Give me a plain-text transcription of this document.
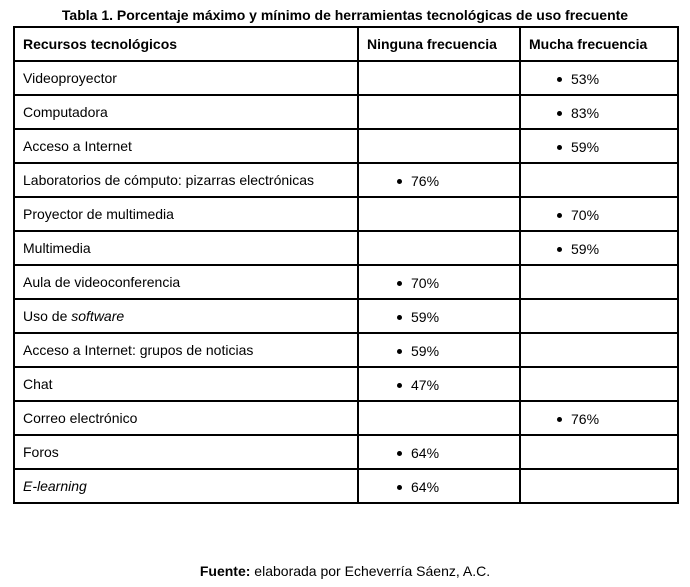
Tabla 1. Porcentaje máximo y mínimo de herramientas tecnológicas de uso frecuente
Recursos tecnológicos	Ninguna frecuencia	Mucha frecuencia
Videoproyector		53%

Computadora		83%

Acceso a Internet		59%

Laboratorios de cómputo: pizarras electrónicas	76%	

Proyector de multimedia		70%

Multimedia		59%

Aula de videoconferencia	70%	

Uso de software	59%	

Acceso a Internet: grupos de noticias	59%	

Chat	47%	

Correo electrónico		76%

Foros	64%	

E-learning	64%	

Fuente: elaborada por Echeverría Sáenz, A.C.
